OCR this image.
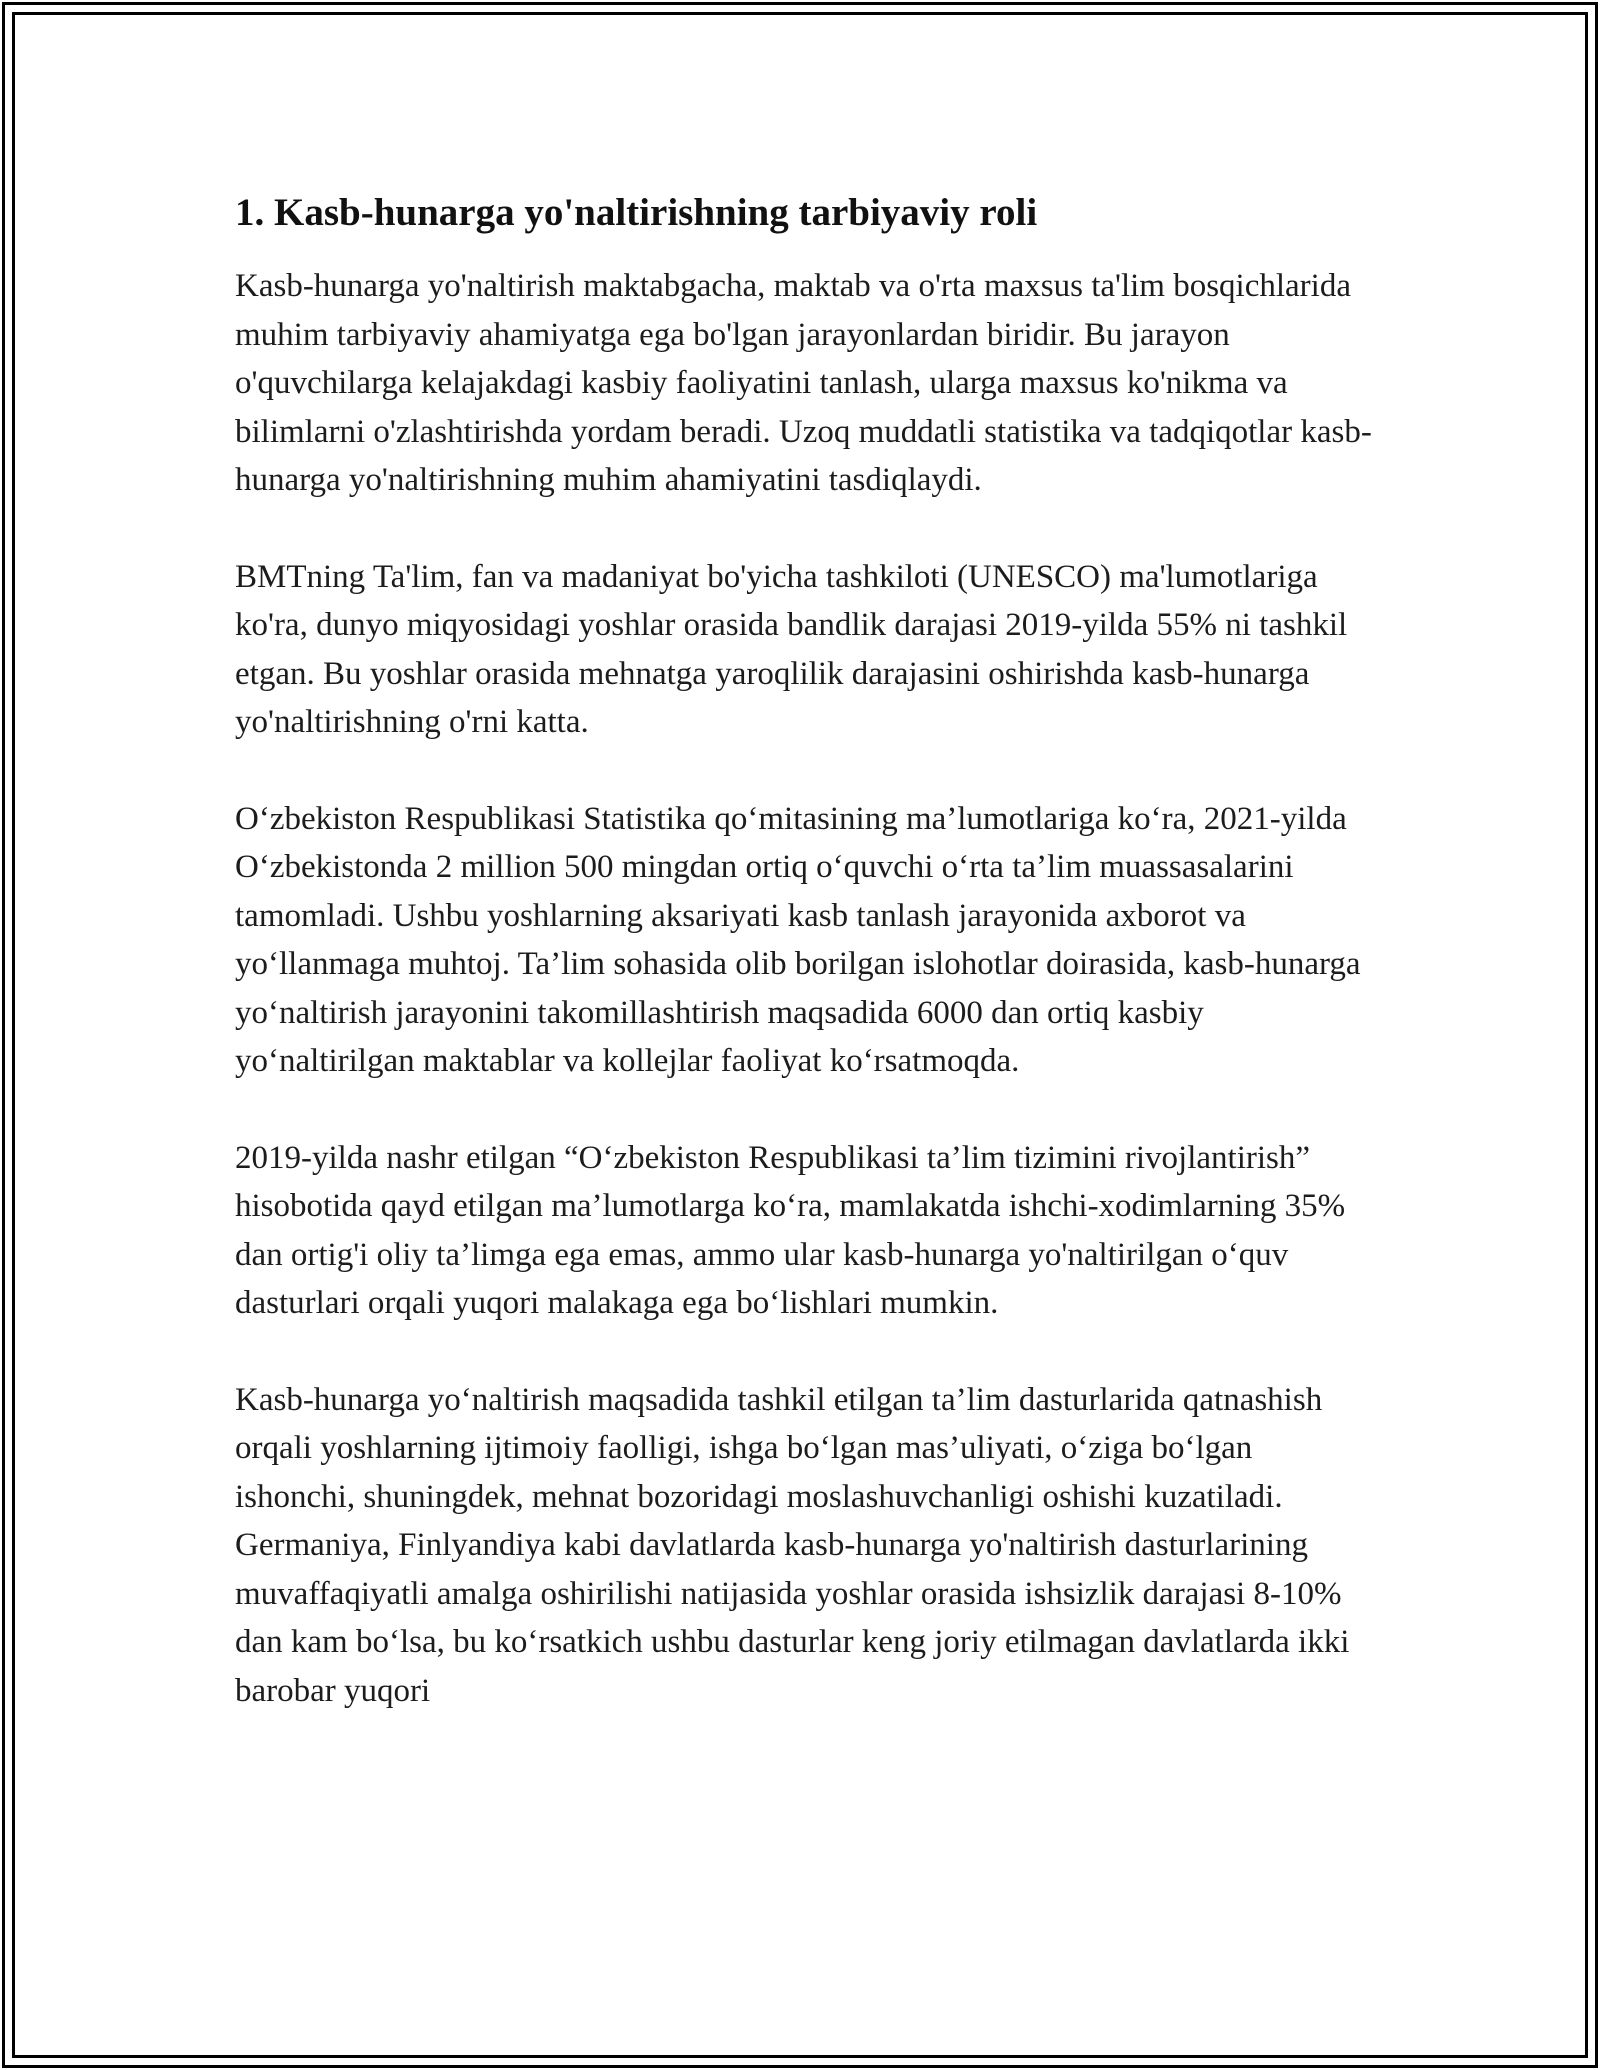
1. Kasb-hunarga yo'naltirishning tarbiyaviy roli

Kasb-hunarga yo'naltirish maktabgacha, maktab va o'rta maxsus ta'lim bosqichlarida muhim tarbiyaviy ahamiyatga ega bo'lgan jarayonlardan biridir. Bu jarayon o'quvchilarga kelajakdagi kasbiy faoliyatini tanlash, ularga maxsus ko'nikma va bilimlarni o'zlashtirishda yordam beradi. Uzoq muddatli statistika va tadqiqotlar kasb-hunarga yo'naltirishning muhim ahamiyatini tasdiqlaydi.

BMTning Ta'lim, fan va madaniyat bo'yicha tashkiloti (UNESCO) ma'lumotlariga ko'ra, dunyo miqyosidagi yoshlar orasida bandlik darajasi 2019-yilda 55% ni tashkil etgan. Bu yoshlar orasida mehnatga yaroqlilik darajasini oshirishda kasb-hunarga yo'naltirishning o'rni katta.

O‘zbekiston Respublikasi Statistika qo‘mitasining ma’lumotlariga ko‘ra, 2021-yilda O‘zbekistonda 2 million 500 mingdan ortiq o‘quvchi o‘rta ta’lim muassasalarini tamomladi. Ushbu yoshlarning aksariyati kasb tanlash jarayonida axborot va yo‘llanmaga muhtoj. Ta’lim sohasida olib borilgan islohotlar doirasida, kasb-hunarga yo‘naltirish jarayonini takomillashtirish maqsadida 6000 dan ortiq kasbiy yo‘naltirilgan maktablar va kollejlar faoliyat ko‘rsatmoqda.

2019-yilda nashr etilgan “O‘zbekiston Respublikasi ta’lim tizimini rivojlantirish” hisobotida qayd etilgan ma’lumotlarga ko‘ra, mamlakatda ishchi-xodimlarning 35% dan ortig'i oliy ta’limga ega emas, ammo ular kasb-hunarga yo'naltirilgan o‘quv dasturlari orqali yuqori malakaga ega bo‘lishlari mumkin.

Kasb-hunarga yo‘naltirish maqsadida tashkil etilgan ta’lim dasturlarida qatnashish orqali yoshlarning ijtimoiy faolligi, ishga bo‘lgan mas’uliyati, o‘ziga bo‘lgan ishonchi, shuningdek, mehnat bozoridagi moslashuvchanligi oshishi kuzatiladi. Germaniya, Finlyandiya kabi davlatlarda kasb-hunarga yo'naltirish dasturlarining muvaffaqiyatli amalga oshirilishi natijasida yoshlar orasida ishsizlik darajasi 8-10% dan kam bo‘lsa, bu ko‘rsatkich ushbu dasturlar keng joriy etilmagan davlatlarda ikki barobar yuqori
